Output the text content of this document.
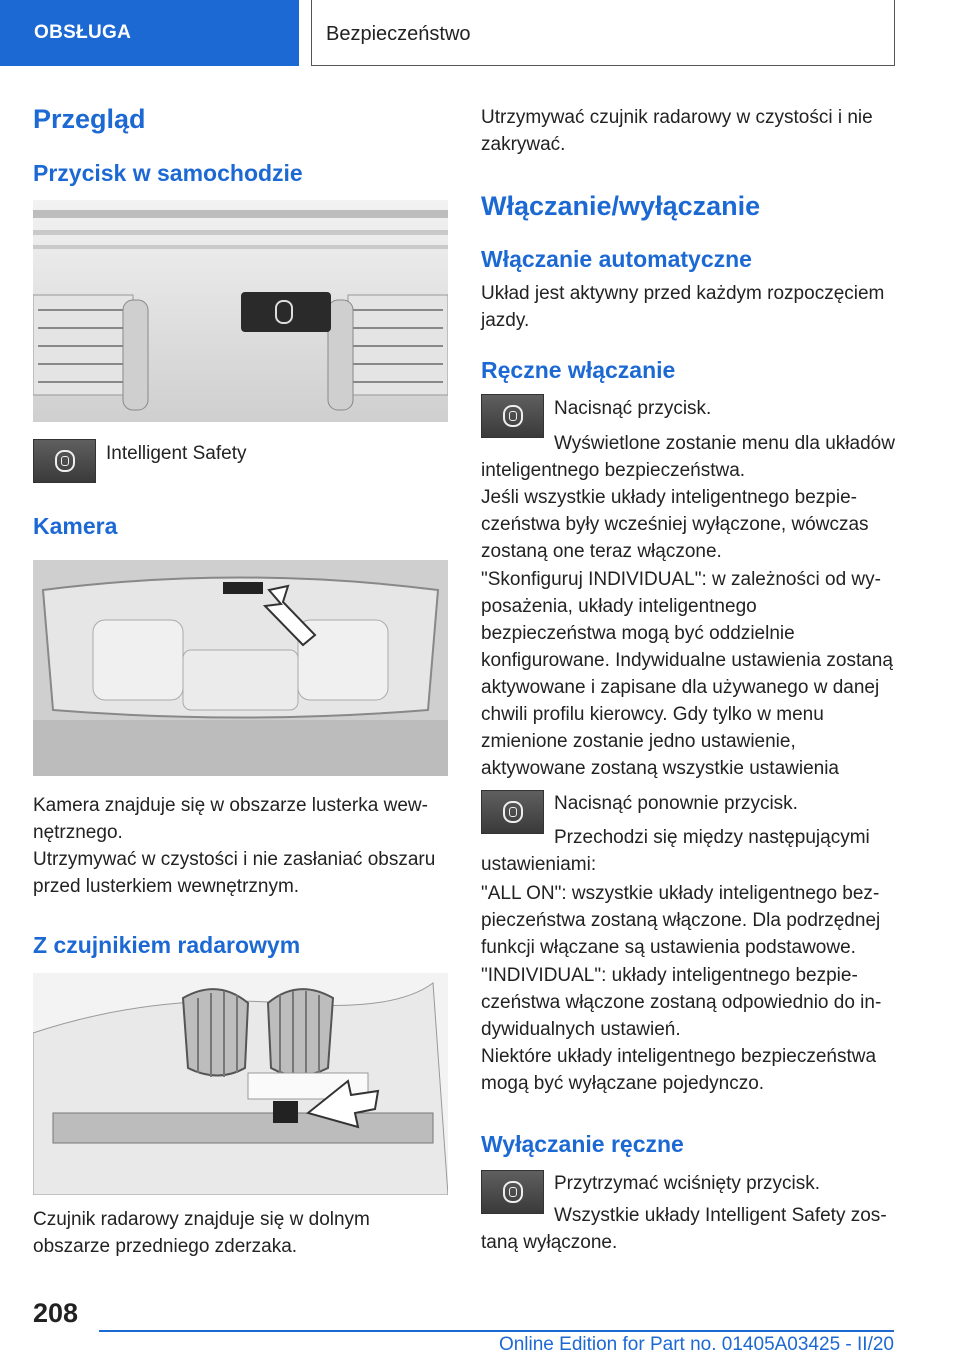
OBSŁUGA	Bezpieczeństwo
Przegląd
Przycisk w samochodzie

Intelligent Safety

Kamera

Kamera znajduje się w obszarze lusterka wewnętrznego.

Utrzymywać w czystości i nie zasłaniać obszaru przed lusterkiem wewnętrznym.

Z czujnikiem radarowym

Czujnik radarowy znajduje się w dolnym obszarze przedniego zderzaka.

Utrzymywać czujnik radarowy w czystości i nie zakrywać.

Włączanie/wyłączanie
Włączanie automatyczne

Układ jest aktywny przed każdym rozpoczęciem jazdy.

Ręczne włączanie

Nacisnąć przycisk.

Wyświetlone zostanie menu dla układów inteligentnego bezpieczeństwa.

Jeśli wszystkie układy inteligentnego bezpieczeństwa były wcześniej wyłączone, wówczas zostaną one teraz włączone.

"Skonfiguruj INDIVIDUAL": w zależności od wyposażenia, układy inteligentnego bezpieczeństwa mogą być oddzielnie konfigurowane. Indywidualne ustawienia zostaną aktywowane i zapisane dla używanego w danej chwili profilu kierowcy. Gdy tylko w menu zmienione zostanie jedno ustawienie, aktywowane zostaną wszystkie ustawienia

Nacisnąć ponownie przycisk.

Przechodzi się między następującymi ustawieniami:

"ALL ON": wszystkie układy inteligentnego bezpieczeństwa zostaną włączone. Dla podrzędnej funkcji włączane są ustawienia podstawowe.

"INDIVIDUAL": układy inteligentnego bezpieczeństwa włączone zostaną odpowiednio do indywidualnych ustawień.

Niektóre układy inteligentnego bezpieczeństwa mogą być wyłączane pojedynczo.

Wyłączanie ręczne

Przytrzymać wciśnięty przycisk.

Wszystkie układy Intelligent Safety zostaną wyłączone.

208
Online Edition for Part no. 01405A03425 - II/20
